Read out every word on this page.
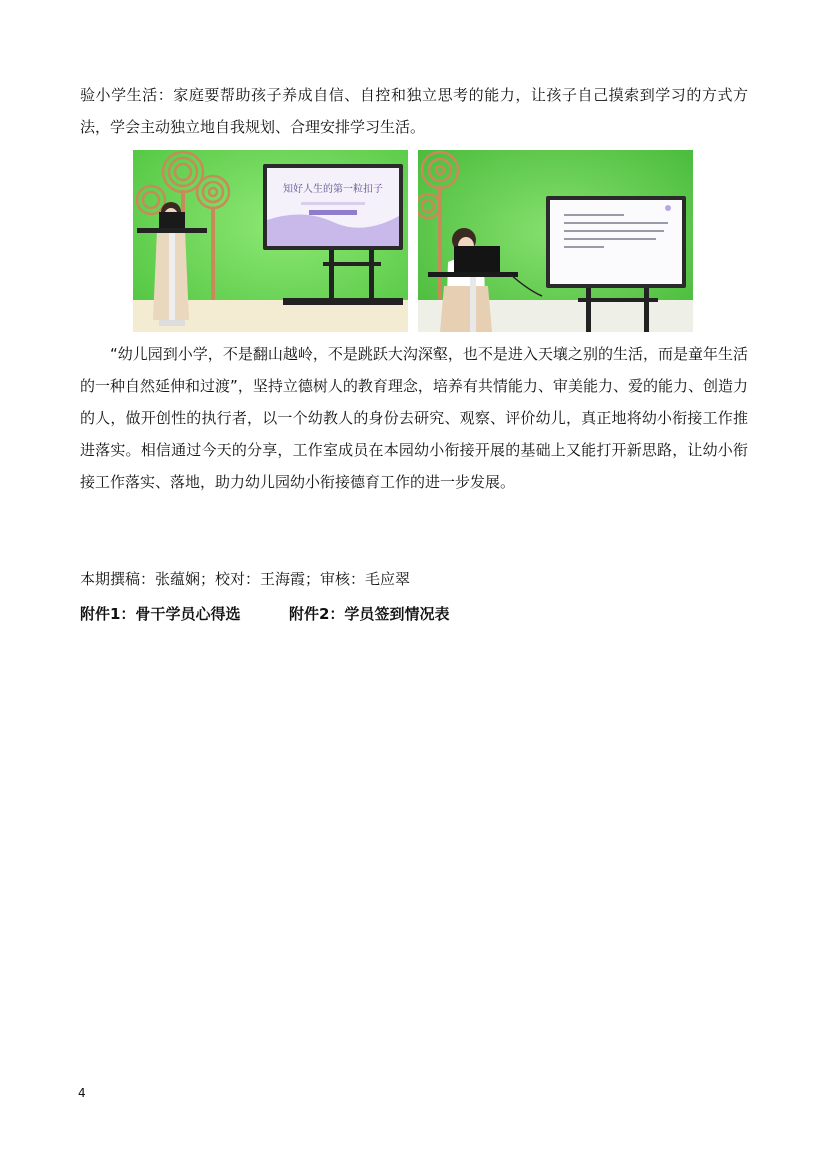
验小学生活：家庭要帮助孩子养成自信、自控和独立思考的能力，让孩子自己摸索到学习的方式方法，学会主动独立地自我规划、合理安排学习生活。

知好人生的第一粒扣子

“幼儿园到小学，不是翻山越岭，不是跳跃大沟深壑，也不是进入天壤之别的生活，而是童年生活的一种自然延伸和过渡”，坚持立德树人的教育理念，培养有共情能力、审美能力、爱的能力、创造力的人，做开创性的执行者，以一个幼教人的身份去研究、观察、评价幼儿，真正地将幼小衔接工作推进落实。相信通过今天的分享，工作室成员在本园幼小衔接开展的基础上又能打开新思路，让幼小衔接工作落实、落地，助力幼儿园幼小衔接德育工作的进一步发展。

本期撰稿：张蕴娴；校对：王海霞；审核：毛应翠

附件1：骨干学员心得选	附件2：学员签到情况表

4
